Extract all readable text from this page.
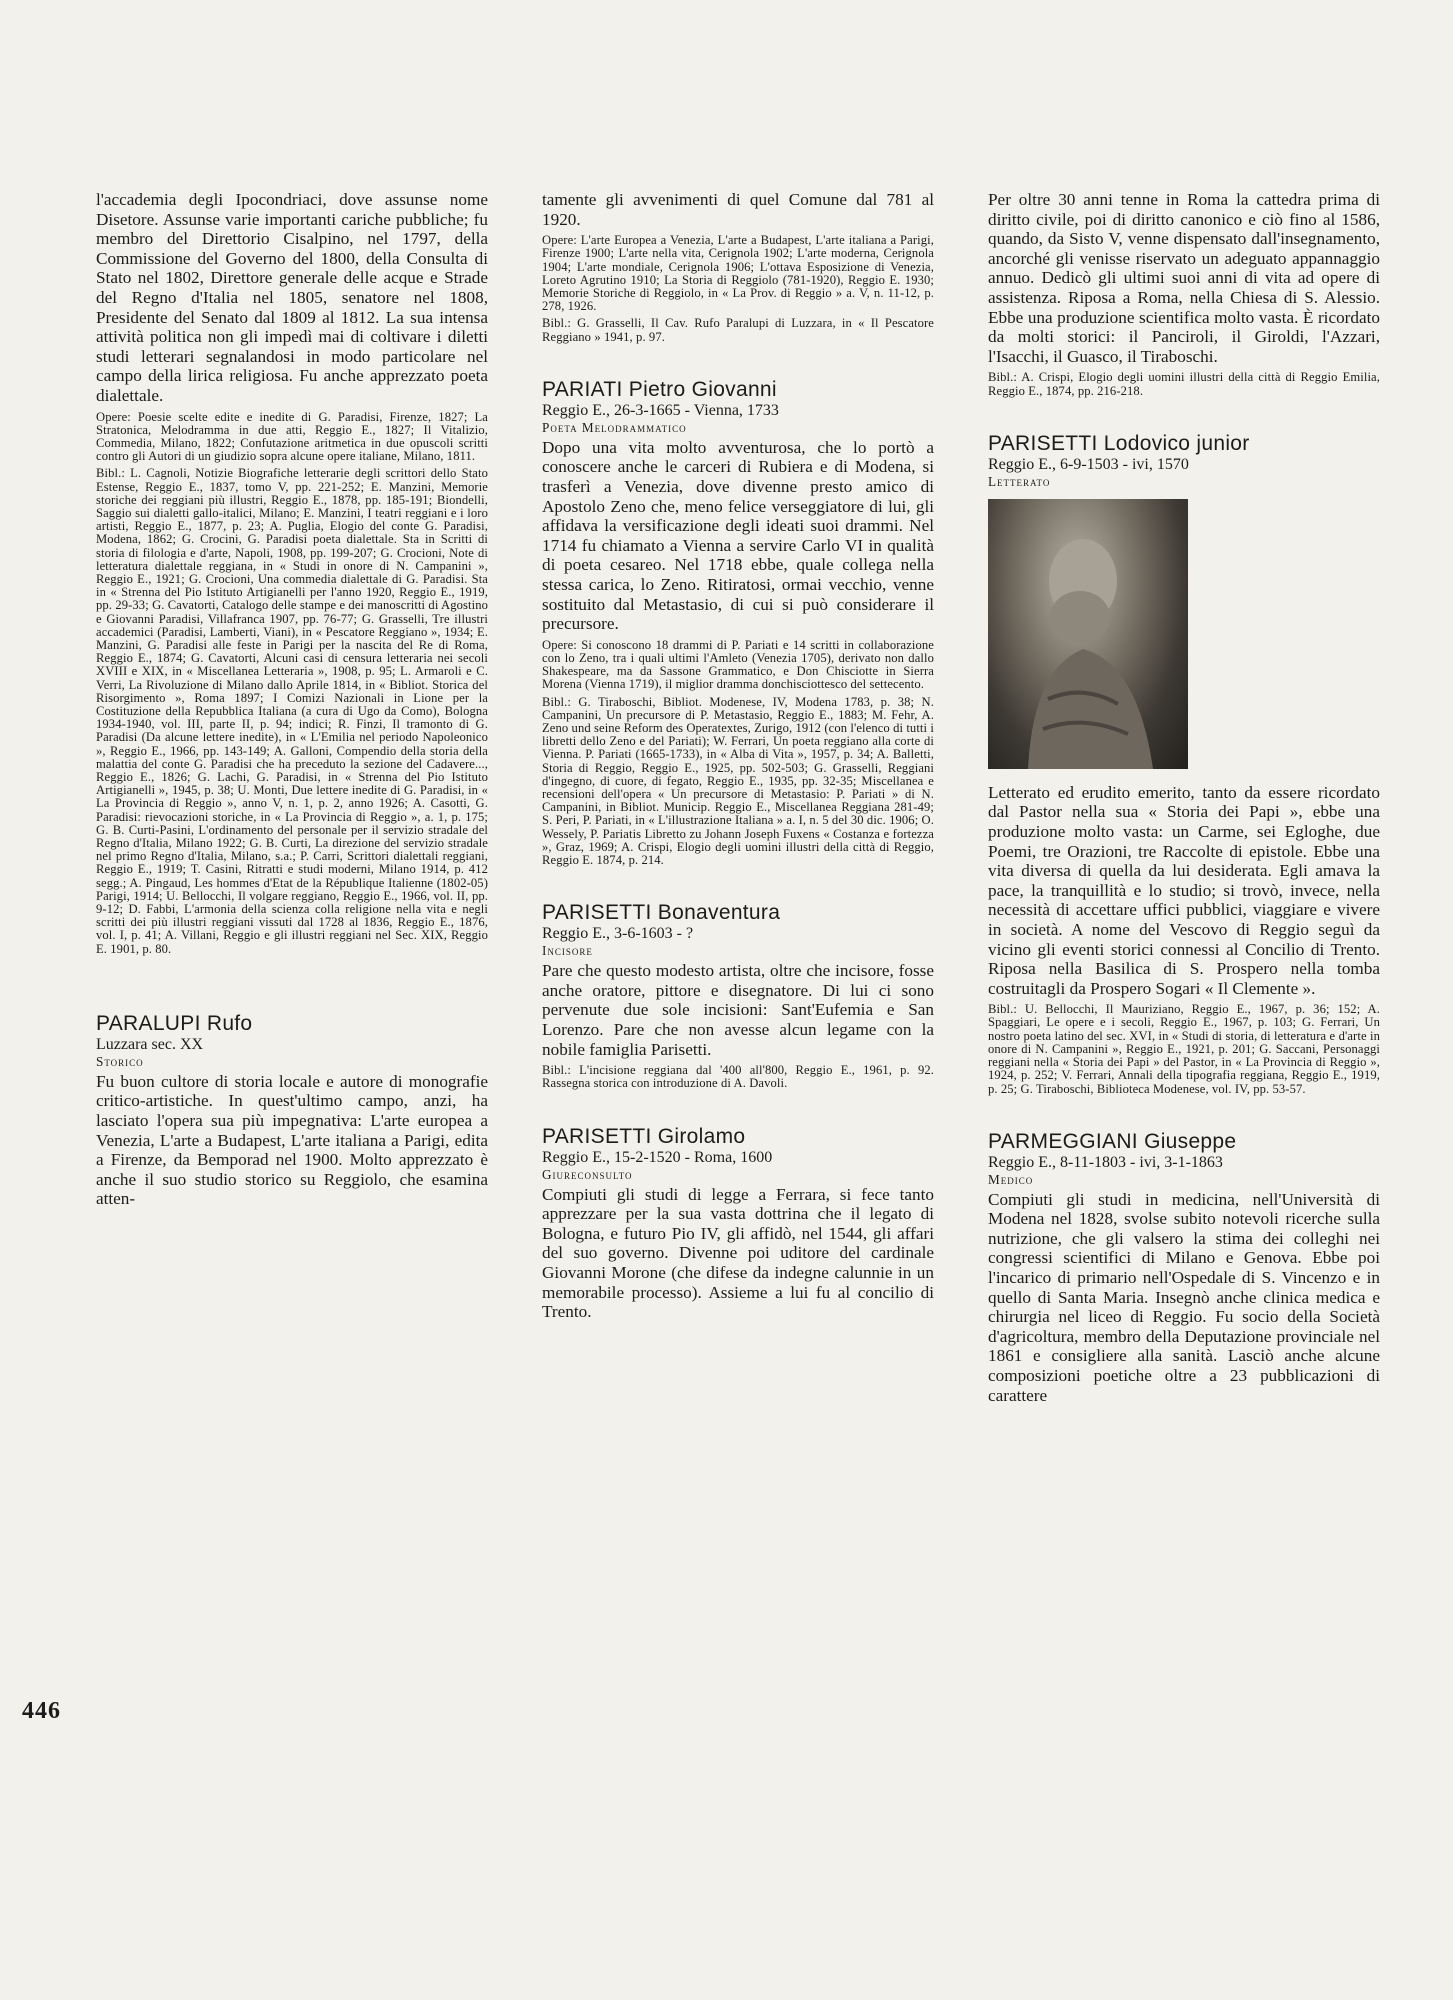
446

l'accademia degli Ipocondriaci, dove assunse nome Disetore. Assunse varie importanti cariche pubbliche; fu membro del Direttorio Cisalpino, nel 1797, della Commissione del Governo del 1800, della Consulta di Stato nel 1802, Direttore generale delle acque e Strade del Regno d'Italia nel 1805, senatore nel 1808, Presidente del Senato dal 1809 al 1812. La sua intensa attività politica non gli impedì mai di coltivare i diletti studi letterari segnalandosi in modo particolare nel campo della lirica religiosa. Fu anche apprezzato poeta dialettale.

Opere: Poesie scelte edite e inedite di G. Paradisi, Firenze, 1827; La Stratonica, Melodramma in due atti, Reggio E., 1827; Il Vitalizio, Commedia, Milano, 1822; Confutazione aritmetica in due opuscoli scritti contro gli Autori di un giudizio sopra alcune opere italiane, Milano, 1811.

Bibl.: L. Cagnoli, Notizie Biografiche letterarie degli scrittori dello Stato Estense, Reggio E., 1837, tomo V, pp. 221-252; E. Manzini, Memorie storiche dei reggiani più illustri, Reggio E., 1878, pp. 185-191; Biondelli, Saggio sui dialetti gallo-italici, Milano; E. Manzini, I teatri reggiani e i loro artisti, Reggio E., 1877, p. 23; A. Puglia, Elogio del conte G. Paradisi, Modena, 1862; G. Crocini, G. Paradisi poeta dialettale. Sta in Scritti di storia di filologia e d'arte, Napoli, 1908, pp. 199-207; G. Crocioni, Note di letteratura dialettale reggiana, in « Studi in onore di N. Campanini », Reggio E., 1921; G. Crocioni, Una commedia dialettale di G. Paradisi. Sta in « Strenna del Pio Istituto Artigianelli per l'anno 1920, Reggio E., 1919, pp. 29-33; G. Cavatorti, Catalogo delle stampe e dei manoscritti di Agostino e Giovanni Paradisi, Villafranca 1907, pp. 76-77; G. Grasselli, Tre illustri accademici (Paradisi, Lamberti, Viani), in « Pescatore Reggiano », 1934; E. Manzini, G. Paradisi alle feste in Parigi per la nascita del Re di Roma, Reggio E., 1874; G. Cavatorti, Alcuni casi di censura letteraria nei secoli XVIII e XIX, in « Miscellanea Letteraria », 1908, p. 95; L. Armaroli e C. Verri, La Rivoluzione di Milano dallo Aprile 1814, in « Bibliot. Storica del Risorgimento », Roma 1897; I Comizi Nazionali in Lione per la Costituzione della Repubblica Italiana (a cura di Ugo da Como), Bologna 1934-1940, vol. III, parte II, p. 94; indici; R. Finzi, Il tramonto di G. Paradisi (Da alcune lettere inedite), in « L'Emilia nel periodo Napoleonico », Reggio E., 1966, pp. 143-149; A. Galloni, Compendio della storia della malattia del conte G. Paradisi che ha preceduto la sezione del Cadavere..., Reggio E., 1826; G. Lachi, G. Paradisi, in « Strenna del Pio Istituto Artigianelli », 1945, p. 38; U. Monti, Due lettere inedite di G. Paradisi, in « La Provincia di Reggio », anno V, n. 1, p. 2, anno 1926; A. Casotti, G. Paradisi: rievocazioni storiche, in « La Provincia di Reggio », a. 1, p. 175; G. B. Curti-Pasini, L'ordinamento del personale per il servizio stradale del Regno d'Italia, Milano 1922; G. B. Curti, La direzione del servizio stradale nel primo Regno d'Italia, Milano, s.a.; P. Carri, Scrittori dialettali reggiani, Reggio E., 1919; T. Casini, Ritratti e studi moderni, Milano 1914, p. 412 segg.; A. Pingaud, Les hommes d'Etat de la République Italienne (1802-05) Parigi, 1914; U. Bellocchi, Il volgare reggiano, Reggio E., 1966, vol. II, pp. 9-12; D. Fabbi, L'armonia della scienza colla religione nella vita e negli scritti dei più illustri reggiani vissuti dal 1728 al 1836, Reggio E., 1876, vol. I, p. 41; A. Villani, Reggio e gli illustri reggiani nel Sec. XIX, Reggio E. 1901, p. 80.

PARALUPI Rufo

Luzzara sec. XX

Storico

Fu buon cultore di storia locale e autore di monografie critico-artistiche. In quest'ultimo campo, anzi, ha lasciato l'opera sua più impegnativa: L'arte europea a Venezia, L'arte a Budapest, L'arte italiana a Parigi, edita a Firenze, da Bemporad nel 1900. Molto apprezzato è anche il suo studio storico su Reggiolo, che esamina atten-

tamente gli avvenimenti di quel Comune dal 781 al 1920.

Opere: L'arte Europea a Venezia, L'arte a Budapest, L'arte italiana a Parigi, Firenze 1900; L'arte nella vita, Cerignola 1902; L'arte moderna, Cerignola 1904; L'arte mondiale, Cerignola 1906; L'ottava Esposizione di Venezia, Loreto Agrutino 1910; La Storia di Reggiolo (781-1920), Reggio E. 1930; Memorie Storiche di Reggiolo, in « La Prov. di Reggio » a. V, n. 11-12, p. 278, 1926.

Bibl.: G. Grasselli, Il Cav. Rufo Paralupi di Luzzara, in « Il Pescatore Reggiano » 1941, p. 97.

PARIATI Pietro Giovanni

Reggio E., 26-3-1665 - Vienna, 1733

Poeta Melodrammatico

Dopo una vita molto avventurosa, che lo portò a conoscere anche le carceri di Rubiera e di Modena, si trasferì a Venezia, dove divenne presto amico di Apostolo Zeno che, meno felice verseggiatore di lui, gli affidava la versificazione degli ideati suoi drammi. Nel 1714 fu chiamato a Vienna a servire Carlo VI in qualità di poeta cesareo. Nel 1718 ebbe, quale collega nella stessa carica, lo Zeno. Ritiratosi, ormai vecchio, venne sostituito dal Metastasio, di cui si può considerare il precursore.

Opere: Si conoscono 18 drammi di P. Pariati e 14 scritti in collaborazione con lo Zeno, tra i quali ultimi l'Amleto (Venezia 1705), derivato non dallo Shakespeare, ma da Sassone Grammatico, e Don Chisciotte in Sierra Morena (Vienna 1719), il miglior dramma donchisciottesco del settecento.

Bibl.: G. Tiraboschi, Bibliot. Modenese, IV, Modena 1783, p. 38; N. Campanini, Un precursore di P. Metastasio, Reggio E., 1883; M. Fehr, A. Zeno und seine Reform des Operatextes, Zurigo, 1912 (con l'elenco di tutti i libretti dello Zeno e del Pariati); W. Ferrari, Un poeta reggiano alla corte di Vienna. P. Pariati (1665-1733), in « Alba di Vita », 1957, p. 34; A. Balletti, Storia di Reggio, Reggio E., 1925, pp. 502-503; G. Grasselli, Reggiani d'ingegno, di cuore, di fegato, Reggio E., 1935, pp. 32-35; Miscellanea e recensioni dell'opera « Un precursore di Metastasio: P. Pariati » di N. Campanini, in Bibliot. Municip. Reggio E., Miscellanea Reggiana 281-49; S. Peri, P. Pariati, in « L'illustrazione Italiana » a. I, n. 5 del 30 dic. 1906; O. Wessely, P. Pariatis Libretto zu Johann Joseph Fuxens « Costanza e fortezza », Graz, 1969; A. Crispi, Elogio degli uomini illustri della città di Reggio, Reggio E. 1874, p. 214.

PARISETTI Bonaventura

Reggio E., 3-6-1603 - ?

Incisore

Pare che questo modesto artista, oltre che incisore, fosse anche oratore, pittore e disegnatore. Di lui ci sono pervenute due sole incisioni: Sant'Eufemia e San Lorenzo. Pare che non avesse alcun legame con la nobile famiglia Parisetti.

Bibl.: L'incisione reggiana dal '400 all'800, Reggio E., 1961, p. 92. Rassegna storica con introduzione di A. Davoli.

PARISETTI Girolamo

Reggio E., 15-2-1520 - Roma, 1600

Giureconsulto

Compiuti gli studi di legge a Ferrara, si fece tanto apprezzare per la sua vasta dottrina che il legato di Bologna, e futuro Pio IV, gli affidò, nel 1544, gli affari del suo governo. Divenne poi uditore del cardinale Giovanni Morone (che difese da indegne calunnie in un memorabile processo). Assieme a lui fu al concilio di Trento.

Per oltre 30 anni tenne in Roma la cattedra prima di diritto civile, poi di diritto canonico e ciò fino al 1586, quando, da Sisto V, venne dispensato dall'insegnamento, ancorché gli venisse riservato un adeguato appannaggio annuo. Dedicò gli ultimi suoi anni di vita ad opere di assistenza. Riposa a Roma, nella Chiesa di S. Alessio. Ebbe una produzione scientifica molto vasta. È ricordato da molti storici: il Panciroli, il Giroldi, l'Azzari, l'Isacchi, il Guasco, il Tiraboschi.

Bibl.: A. Crispi, Elogio degli uomini illustri della città di Reggio Emilia, Reggio E., 1874, pp. 216-218.

PARISETTI Lodovico junior

Reggio E., 6-9-1503 - ivi, 1570

Letterato

Letterato ed erudito emerito, tanto da essere ricordato dal Pastor nella sua « Storia dei Papi », ebbe una produzione molto vasta: un Carme, sei Egloghe, due Poemi, tre Orazioni, tre Raccolte di epistole. Ebbe una vita diversa di quella da lui desiderata. Egli amava la pace, la tranquillità e lo studio; si trovò, invece, nella necessità di accettare uffici pubblici, viaggiare e vivere in società. A nome del Vescovo di Reggio seguì da vicino gli eventi storici connessi al Concilio di Trento. Riposa nella Basilica di S. Prospero nella tomba costruitagli da Prospero Sogari « Il Clemente ».

Bibl.: U. Bellocchi, Il Mauriziano, Reggio E., 1967, p. 36; 152; A. Spaggiari, Le opere e i secoli, Reggio E., 1967, p. 103; G. Ferrari, Un nostro poeta latino del sec. XVI, in « Studi di storia, di letteratura e d'arte in onore di N. Campanini », Reggio E., 1921, p. 201; G. Saccani, Personaggi reggiani nella « Storia dei Papi » del Pastor, in « La Provincia di Reggio », 1924, p. 252; V. Ferrari, Annali della tipografia reggiana, Reggio E., 1919, p. 25; G. Tiraboschi, Biblioteca Modenese, vol. IV, pp. 53-57.

PARMEGGIANI Giuseppe

Reggio E., 8-11-1803 - ivi, 3-1-1863

Medico

Compiuti gli studi in medicina, nell'Università di Modena nel 1828, svolse subito notevoli ricerche sulla nutrizione, che gli valsero la stima dei colleghi nei congressi scientifici di Milano e Genova. Ebbe poi l'incarico di primario nell'Ospedale di S. Vincenzo e in quello di Santa Maria. Insegnò anche clinica medica e chirurgia nel liceo di Reggio. Fu socio della Società d'agricoltura, membro della Deputazione provinciale nel 1861 e consigliere alla sanità. Lasciò anche alcune composizioni poetiche oltre a 23 pubblicazioni di carattere
